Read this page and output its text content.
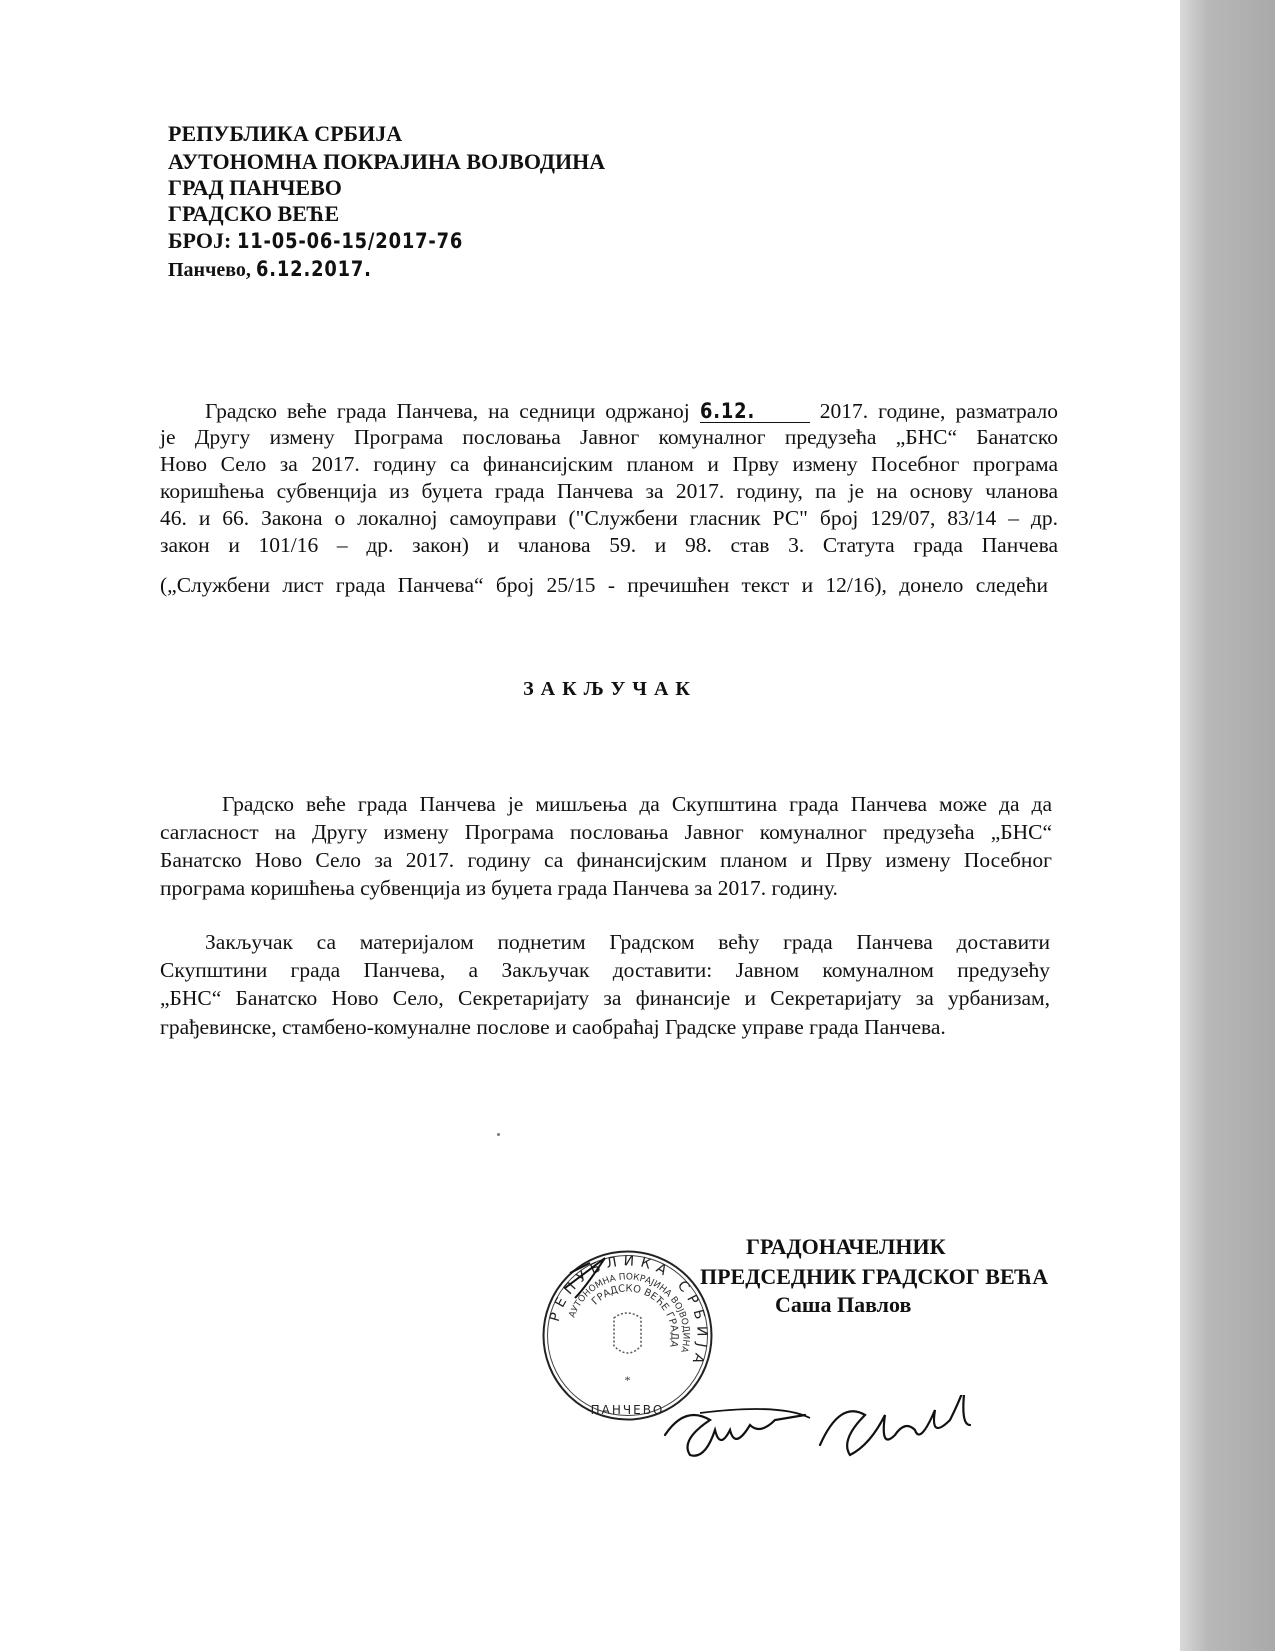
РЕПУБЛИКА СРБИЈА
АУТОНОМНА ПОКРАЈИНА ВОЈВОДИНА
ГРАД ПАНЧЕВО
ГРАДСКО ВЕЋЕ
БРОЈ: 11-05-06-15/2017-76
Панчево, 6.12.2017.
Градско веће града Панчева, на седници одржаној 6.12.	2017. године, разматрало
је Другу измену Програма пословања Јавног комуналног предузећа „БНС“ Банатско
Ново Село за 2017. годину са финансијским планом и Прву измену Посебног програма
коришћења субвенција из буџета града Панчева за 2017. годину, па је на основу чланова
46. и 66. Закона о локалној самоуправи ("Службени гласник РС" број 129/07, 83/14 – др.
закон и 101/16 – др. закон) и чланова 59. и 98. став 3. Статута града Панчева
(„Службени лист града Панчева“ број 25/15 - пречишћен текст и 12/16), донело следећи
ЗАКЉУЧАК
Градско веће града Панчева је мишљења да Скупштина града Панчева може да да
сагласност на Другу измену Програма пословања Јавног комуналног предузећа „БНС“
Банатско Ново Село за 2017. годину са финансијским планом и Прву измену Посебног
програма коришћења субвенција из буџета града Панчева за 2017. годину.
Закључак са материјалом поднетим Градском већу града Панчева доставити
Скупштини града Панчева, а Закључак доставити: Јавном комуналном предузећу
„БНС“ Банатско Ново Село, Секретаријату за финансије и Секретаријату за урбанизам,
грађевинске, стамбено-комуналне послове и саобраћај Градске управе града Панчева.
РЕПУБЛИКА СРБИЈА
АУТОНОМНА ПОКРАЈИНА ВОЈВОДИНА
ГРАДСКО ВЕЋЕ ГРАДА
ПАНЧЕВО
*
ГРАДОНАЧЕЛНИК
ПРЕДСЕДНИК ГРАДСКОГ ВЕЋА
Саша Павлов
